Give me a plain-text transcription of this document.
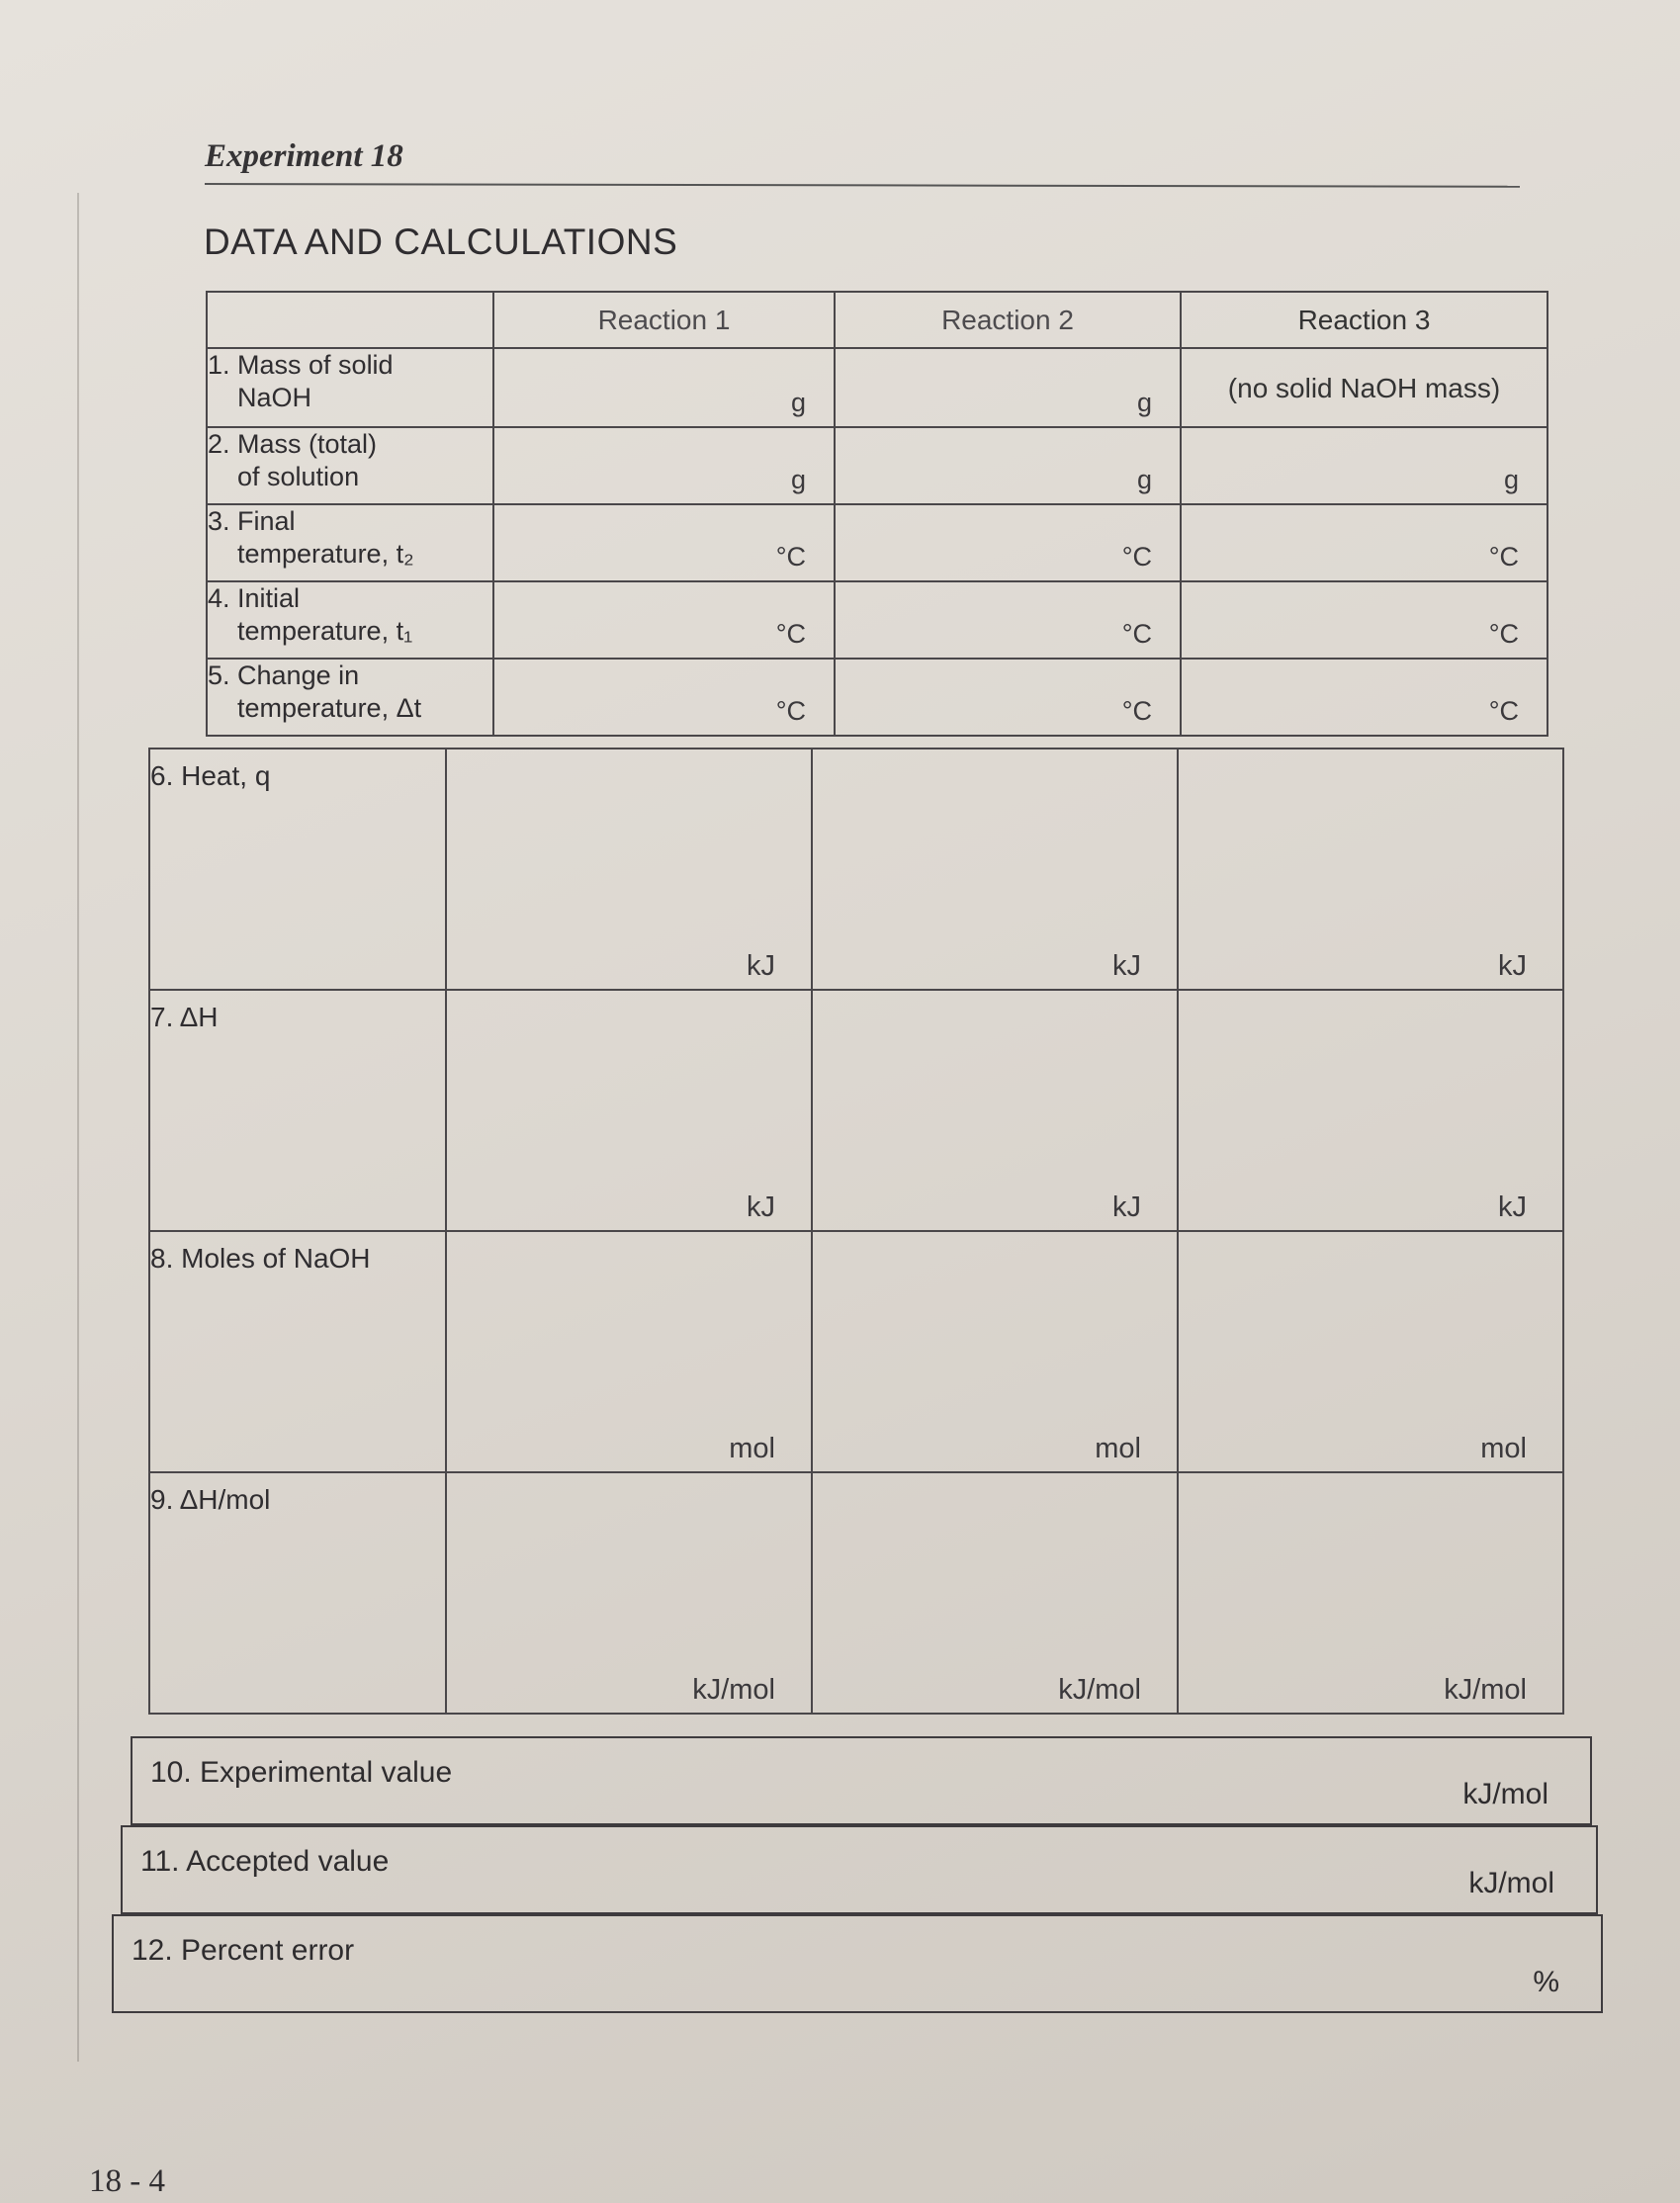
Experiment 18
DATA AND CALCULATIONS
	Reaction 1	Reaction 2	Reaction 3
1. Mass of solid
NaOH	g	g	(no solid NaOH mass)

2. Mass (total)
of solution	g	g	g

3. Final
temperature, t₂	°C	°C	°C

4. Initial
temperature, t₁	°C	°C	°C

5. Change in
temperature, Δt	°C	°C	°C
6. Heat, q	kJ	kJ	kJ

7. ΔH	kJ	kJ	kJ

8. Moles of NaOH	mol	mol	mol

9. ΔH/mol	kJ/mol	kJ/mol	kJ/mol
10. Experimental value
kJ/mol
11. Accepted value
kJ/mol
12. Percent error
%
18 - 4
